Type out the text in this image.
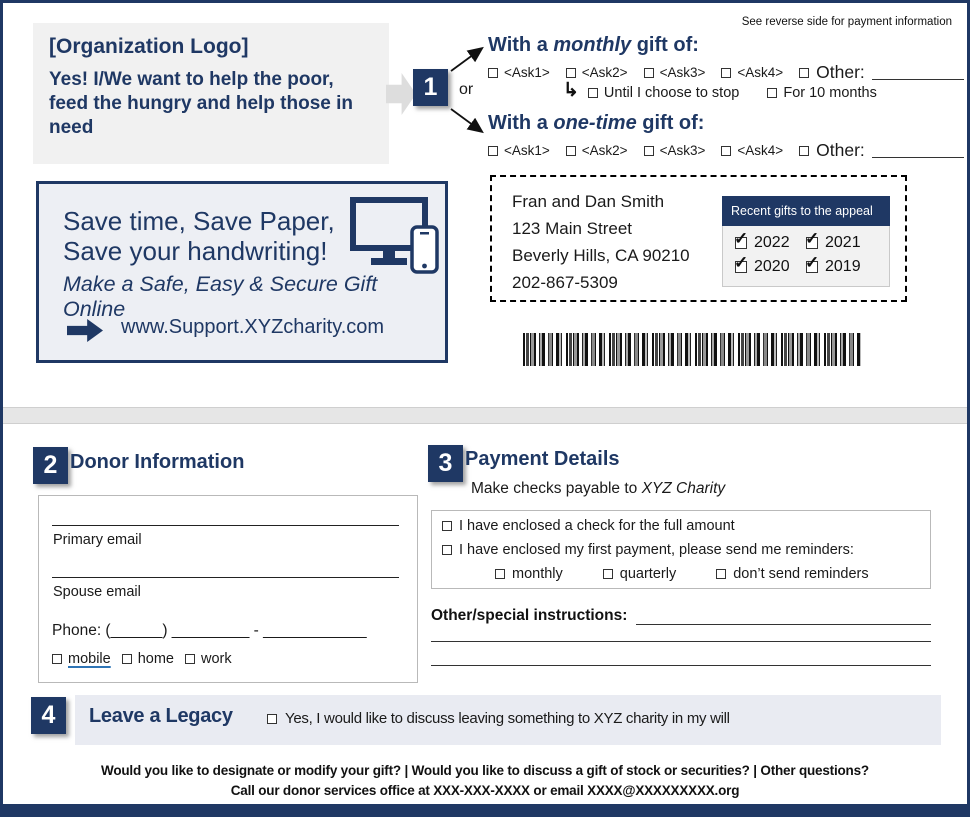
See reverse side for payment information
[Organization Logo]
Yes! I/We want to help the poor, feed the hungry and help those in need
1 or
With a monthly gift of:
<Ask1> <Ask2> <Ask3> <Ask4> Other:
↳ Until I choose to stop	For 10 months
With a one-time gift of:
<Ask1> <Ask2> <Ask3> <Ask4> Other:
Save time, Save Paper,
Save your handwriting!
Make a Safe, Easy & Secure Gift Online
www.Support.XYZcharity.com
Fran and Dan Smith
123 Main Street
Beverly Hills, CA 90210
202-867-5309
Recent gifts to the appeal
✓
2022 ✓ 2021
✓
2020 ✓ 2019
2 Donor Information
Primary email
Spouse email
Phone: (______) _________ - ____________
mobile home work
3 Payment Details
Make checks payable to XYZ Charity
I have enclosed a check for the full amount
I have enclosed my first payment, please send me reminders:
monthly	quarterly	don’t send reminders
Other/special instructions:
4 Leave a Legacy	Yes, I would like to discuss leaving something to XYZ charity in my will
Would you like to designate or modify your gift? | Would you like to discuss a gift of stock or securities? | Other questions?
Call our donor services office at XXX-XXX-XXXX or email XXXX@XXXXXXXXX.org
